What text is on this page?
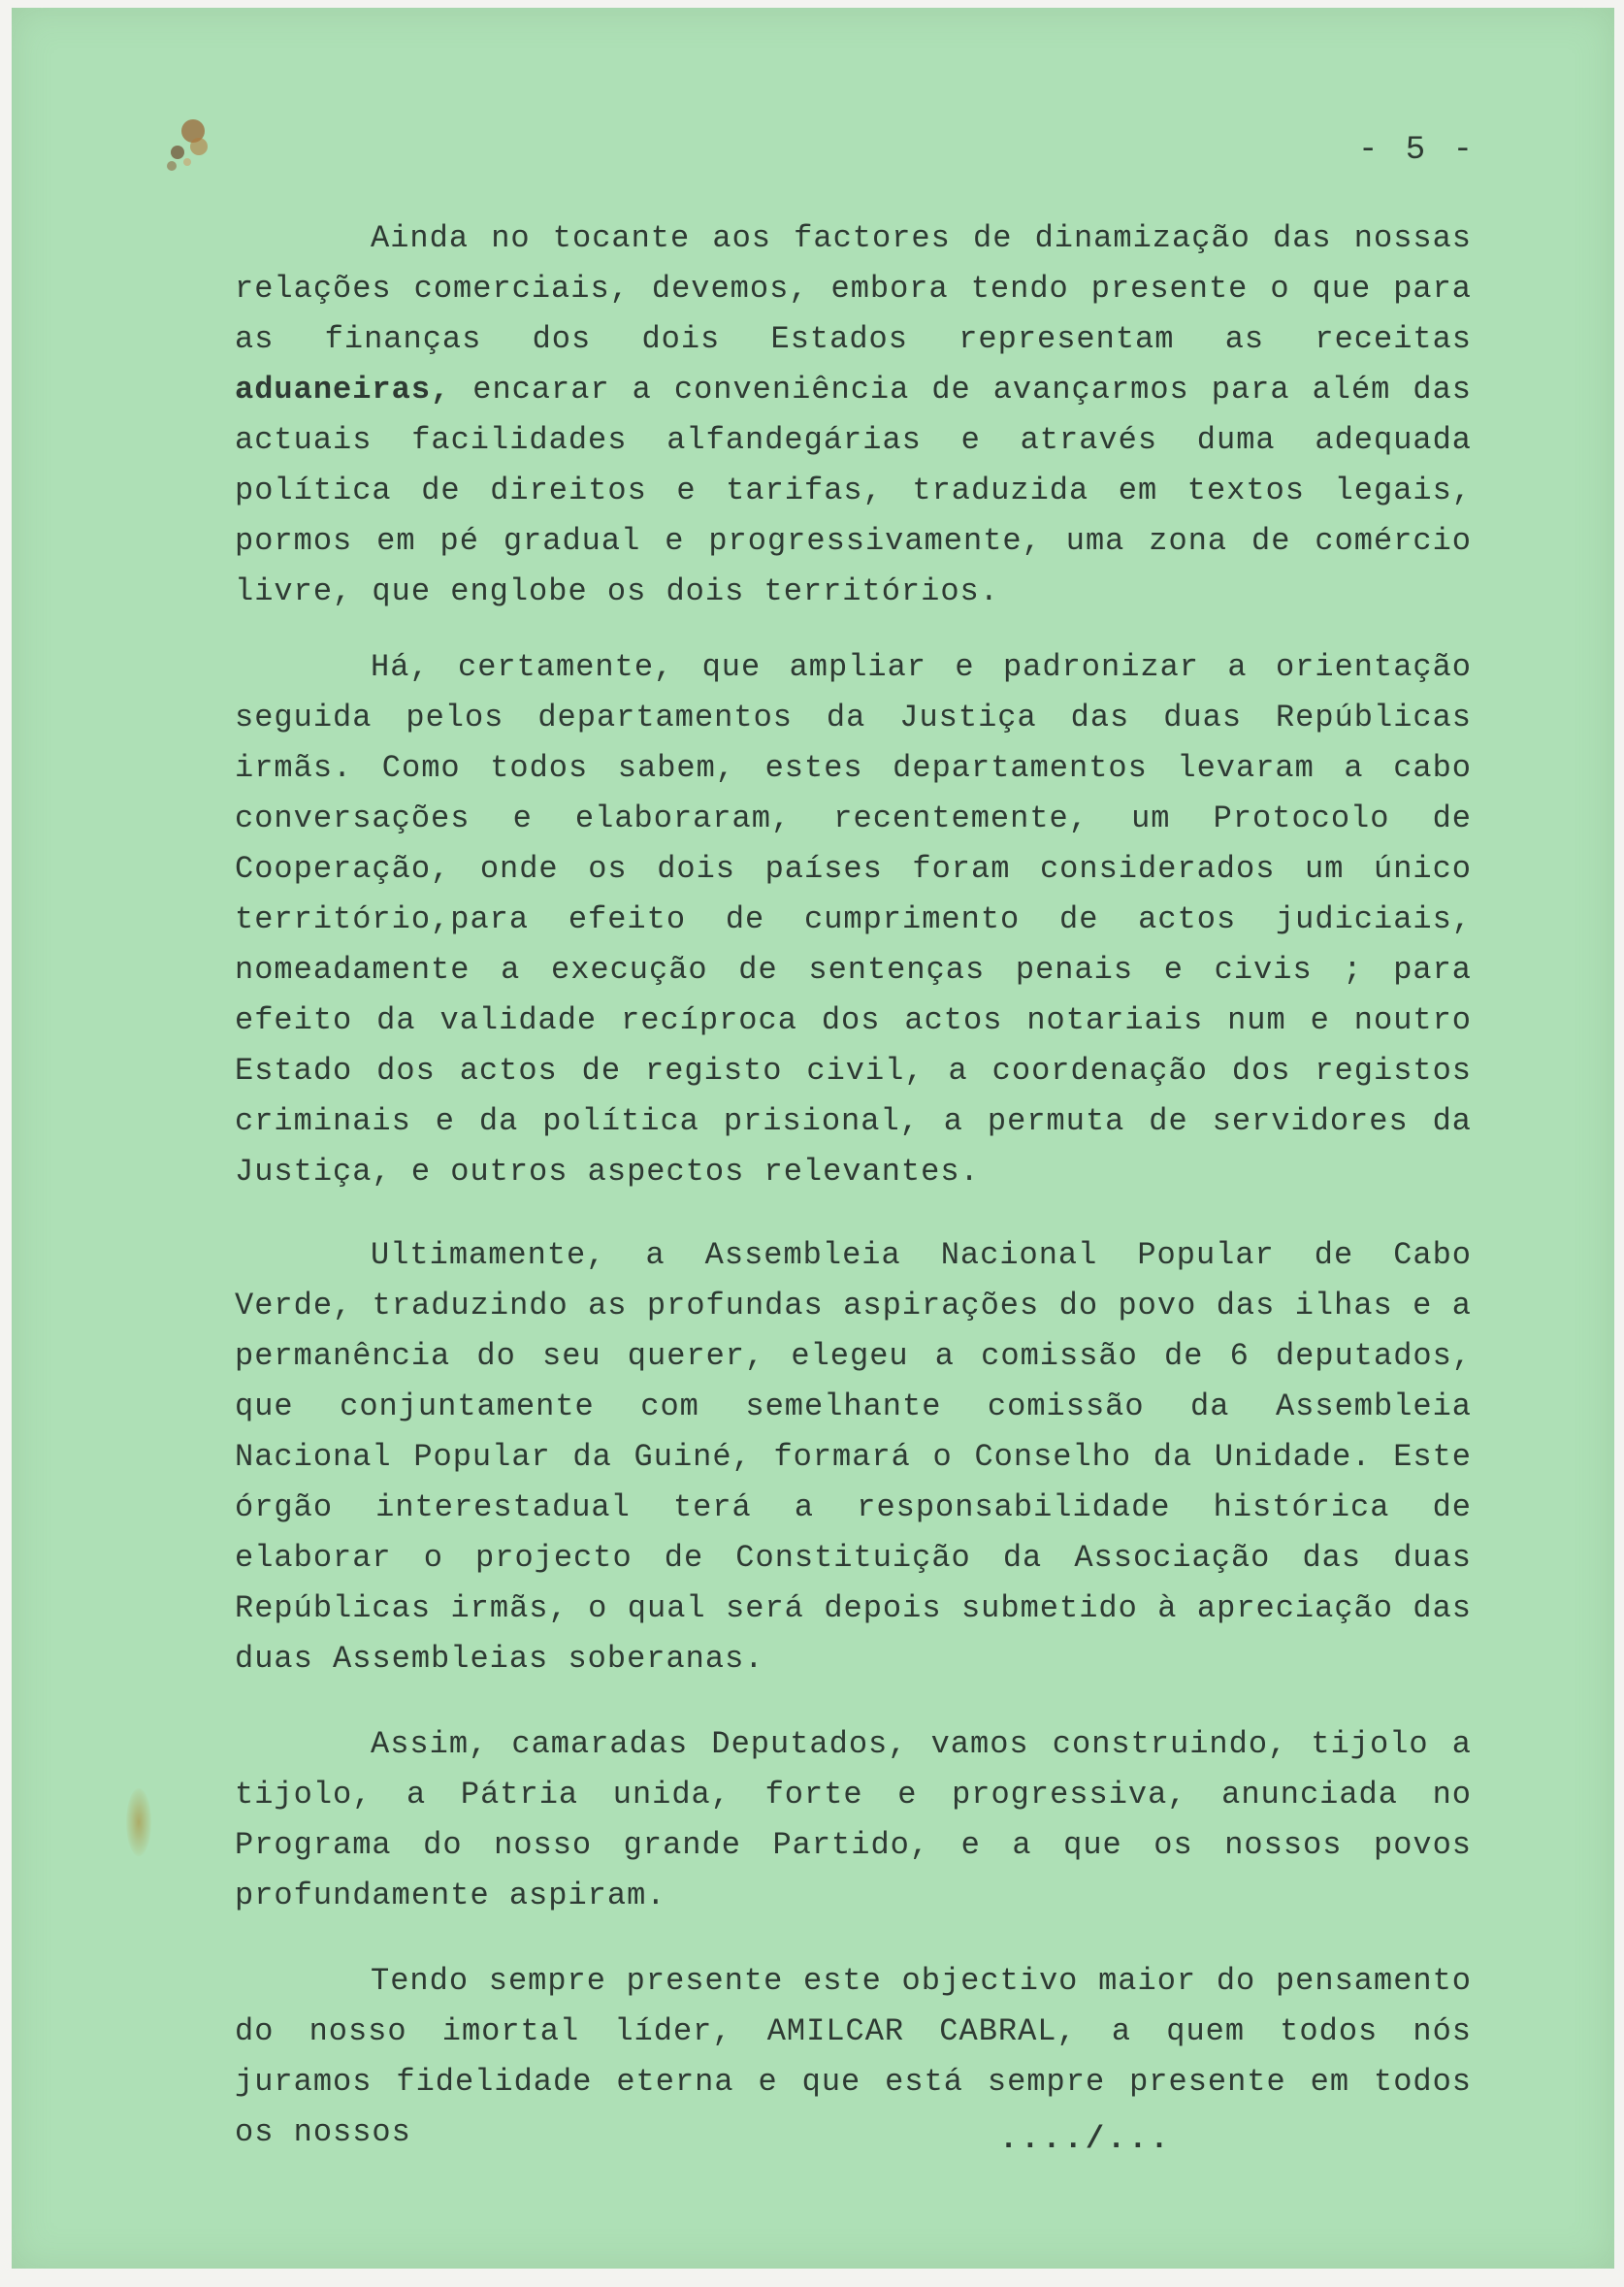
- 5 -

Ainda no tocante aos factores de dinamização das nossas relações comerciais, devemos, embora tendo presente o que para as finanças dos dois Estados representam as receitas aduaneiras, encarar a conveniência de avançarmos para além das actuais facilidades alfandegárias e através duma adequada política de direitos e tarifas, traduzida em textos legais, pormos em pé gradual e progressivamente, uma zona de comércio livre, que englobe os dois territórios.

Há, certamente, que ampliar e padronizar a orientação seguida pelos departamentos da Justiça das duas Repúblicas irmãs. Como todos sabem, estes departamentos levaram a cabo conversações e elaboraram, recentemente, um Protocolo de Cooperação, onde os dois países foram considerados um único território,para efeito de cumprimento de actos judiciais, nomeadamente a execução de sentenças penais e civis ; para efeito da validade recíproca dos actos notariais num e noutro Estado dos actos de registo civil, a coordenação dos registos criminais e da política prisional, a permuta de servidores da Justiça, e outros aspectos relevantes.

Ultimamente, a Assembleia Nacional Popular de Cabo Verde, traduzindo as profundas aspirações do povo das ilhas e a permanência do seu querer, elegeu a comissão de 6 deputados, que conjuntamente com semelhante comissão da Assembleia Nacional Popular da Guiné, formará o Conselho da Unidade. Este órgão interestadual terá a responsabilidade histórica de elaborar o projecto de Constituição da Associação das duas Repúblicas irmãs, o qual será depois submetido à apreciação das duas Assembleias soberanas.

Assim, camaradas Deputados, vamos construindo, tijolo a tijolo, a Pátria unida, forte e progressiva, anunciada no Programa do nosso grande Partido, e a que os nossos povos profundamente aspiram.

Tendo sempre presente este objectivo maior do pensamento do nosso imortal líder, AMILCAR CABRAL, a quem todos nós juramos fidelidade eterna e que está sempre presente em todos os nossos	..../...
